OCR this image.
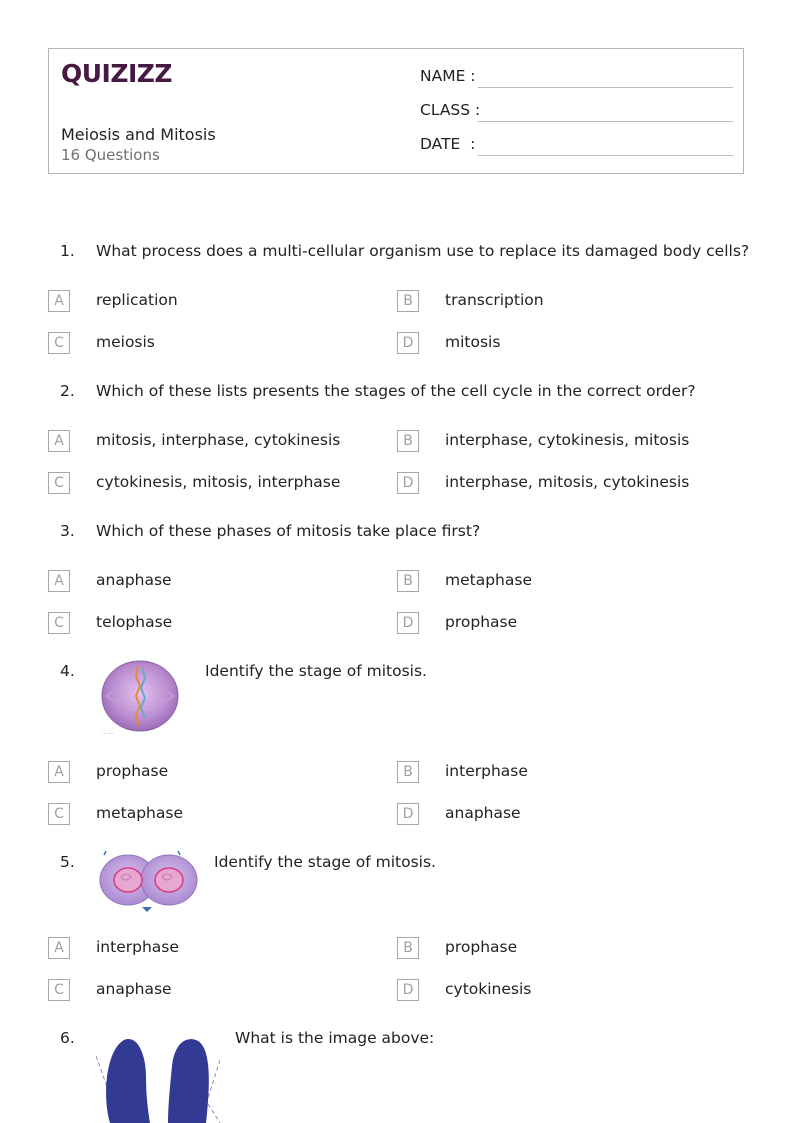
QUIZIZZ
Meiosis and Mitosis
16 Questions
NAME :
CLASS :
DATE  :
1. What process does a multi-cellular organism use to replace its damaged body cells?
A	replication	B	transcription
C	meiosis	D	mitosis
2. Which of these lists presents the stages of the cell cycle in the correct order?
A	mitosis, interphase, cytokinesis	B	interphase, cytokinesis, mitosis
C	cytokinesis, mitosis, interphase	D	interphase, mitosis, cytokinesis
3. Which of these phases of mitosis take place first?
A	anaphase	B	metaphase
C	telophase	D	prophase
4.
··· ···
Identify the stage of mitosis.
A	prophase	B	interphase
C	metaphase	D	anaphase
5.	Identify the stage of mitosis.
A	interphase	B	prophase
C	anaphase	D	cytokinesis
6.	What is the image above:
